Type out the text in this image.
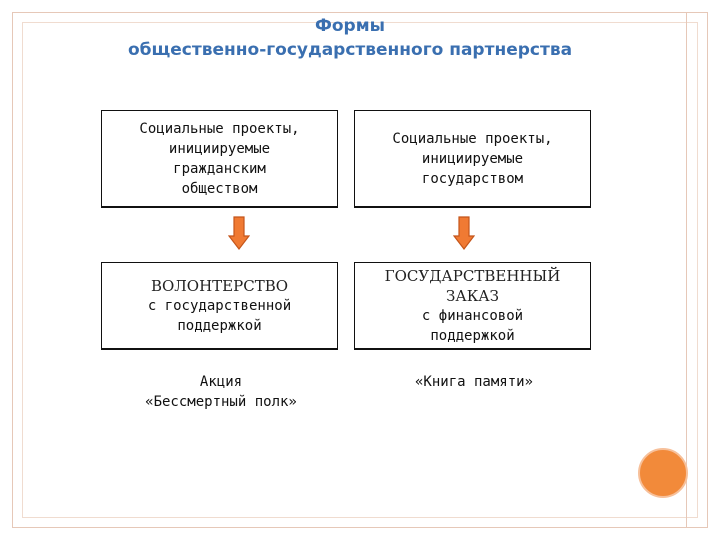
Формы
общественно-государственного партнерства
Социальные проекты,
инициируемые
гражданским
обществом
Социальные проекты,
инициируемые
государством
ВОЛОНТЕРСТВО
с государственной
поддержкой
ГОСУДАРСТВЕННЫЙ
ЗАКАЗ
с финансовой
поддержкой
Акция
«Бессмертный полк»
«Книга памяти»
